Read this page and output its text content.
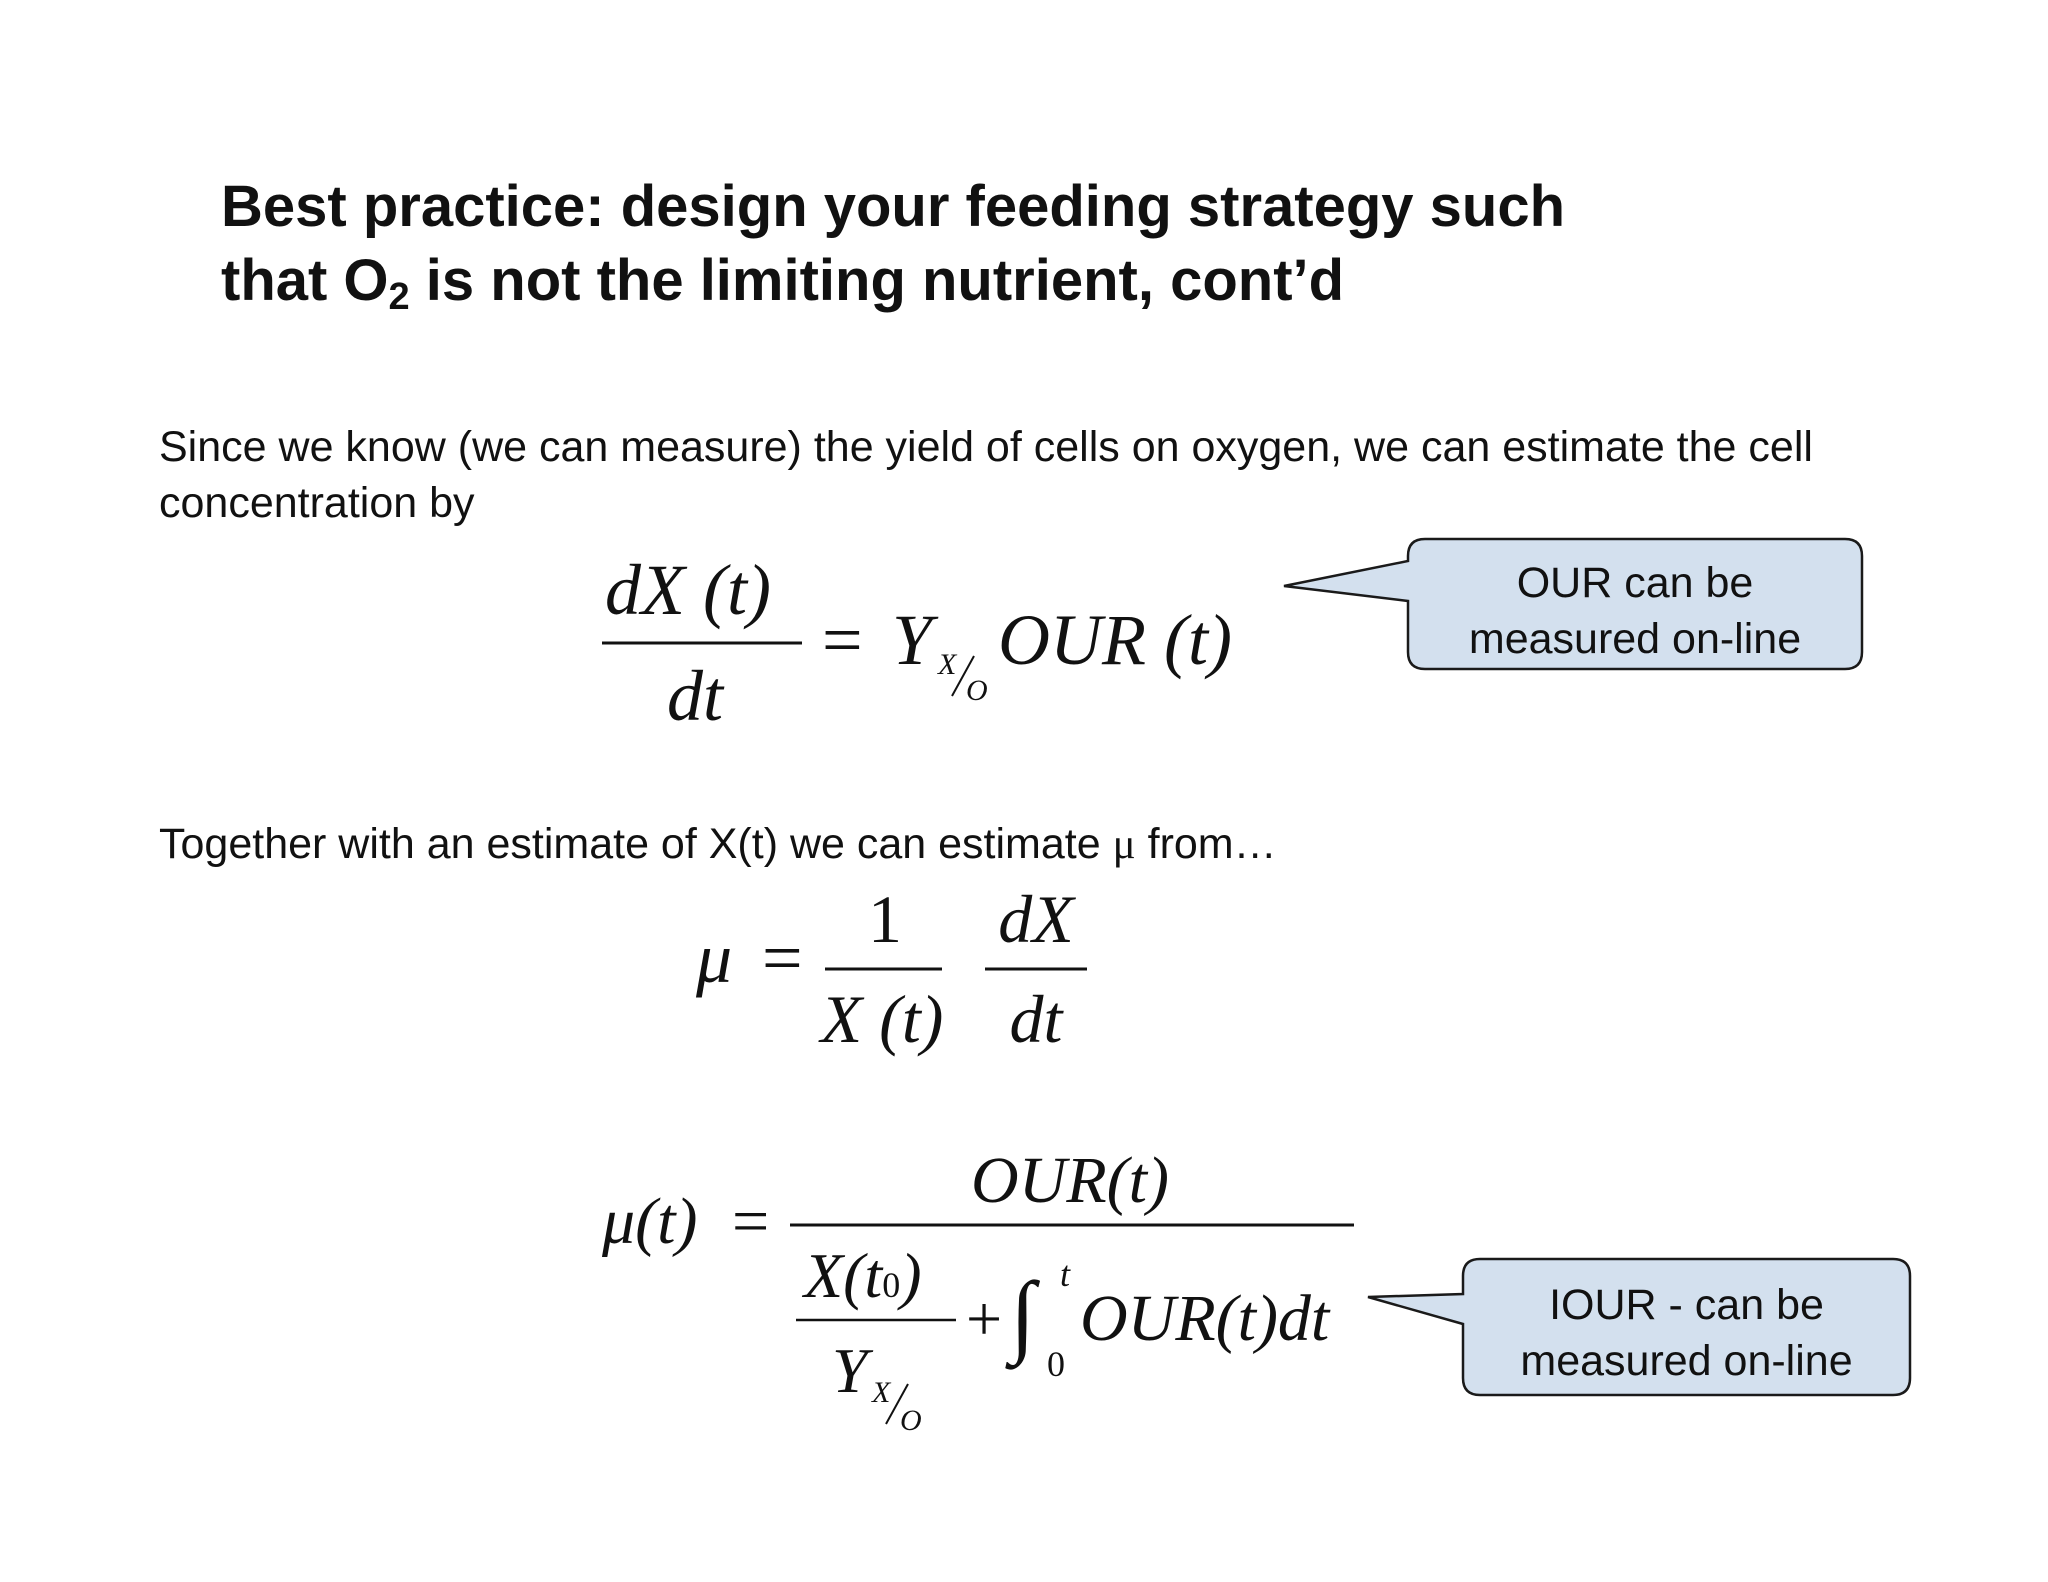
Best practice: design your feeding strategy such
that $O_2$ is not the limiting nutrient, cont’d

Since we know (we can measure) the yield of cells on oxygen, we can estimate the cell concentration by

dX (t)
dt
= Y X
O
OUR (t)
OUR can be
measured on-line

Together with an estimate of X(t) we can estimate μ from…

μ = 1
X (t)
dX
dt
μ(t) =
OUR(t)
X(t0)
Y X
O
+ ∫ t
0
OUR(t)dt	IOUR - can be
measured on-line
